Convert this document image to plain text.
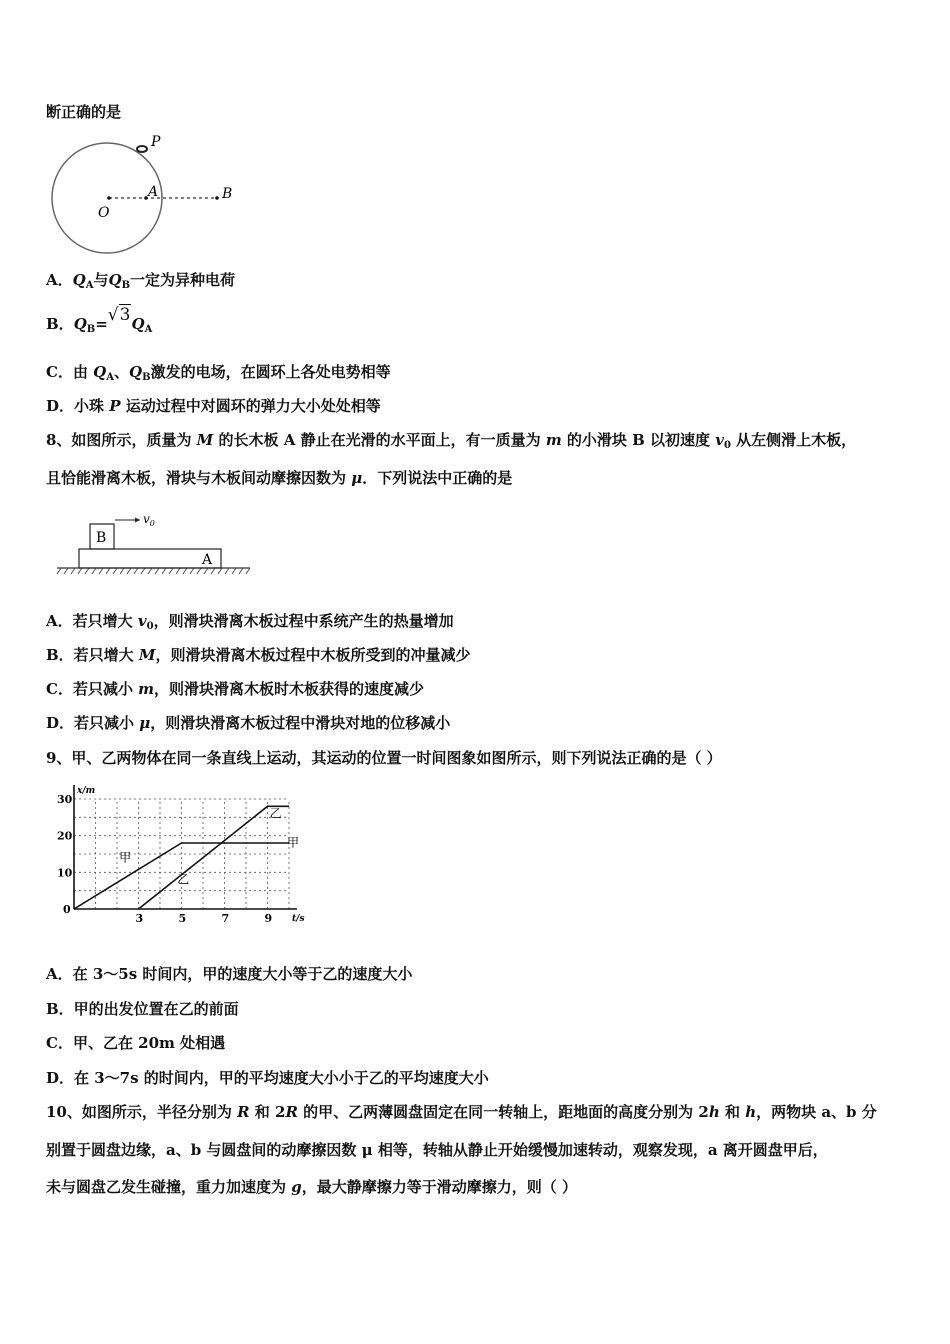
断正确的是
P
O
A	B
A．$Q_A$与$Q_B$一定为异种电荷
B．$Q_B=√3Q_A$
C．由 $Q_A$、$Q_B$激发的电场，在圆环上各处电势相等
D．小珠 P 运动过程中对圆环的弹力大小处处相等
8、如图所示，质量为 M 的长木板 A 静止在光滑的水平面上，有一质量为 m 的小滑块 B 以初速度 $v_0$ 从左侧滑上木板，
且恰能滑离木板，滑块与木板间动摩擦因数为 μ．下列说法中正确的是
A
B
$v_0$
A．若只增大 $v_0$，则滑块滑离木板过程中系统产生的热量增加
B．若只增大 M，则滑块滑离木板过程中木板所受到的冲量减少
C．若只减小 m，则滑块滑离木板时木板获得的速度减少
D．若只减小 μ，则滑块滑离木板过程中滑块对地的位移减小
9、甲、乙两物体在同一条直线上运动，其运动的位置一时间图象如图所示，则下列说法正确的是（ ）
3	5	7	9
0
10
20
30
x/m
t/s
甲
甲
乙
乙
A．在 3～5s 时间内，甲的速度大小等于乙的速度大小
B．甲的出发位置在乙的前面
C．甲、乙在 20m 处相遇
D．在 3～7s 的时间内，甲的平均速度大小小于乙的平均速度大小
10、如图所示，半径分别为 R 和 2R 的甲、乙两薄圆盘固定在同一转轴上，距地面的高度分别为 2h 和 h，两物块 a、b 分
别置于圆盘边缘，a、b 与圆盘间的动摩擦因数 μ 相等，转轴从静止开始缓慢加速转动，观察发现，a 离开圆盘甲后，
未与圆盘乙发生碰撞，重力加速度为 g，最大静摩擦力等于滑动摩擦力，则（ ）
